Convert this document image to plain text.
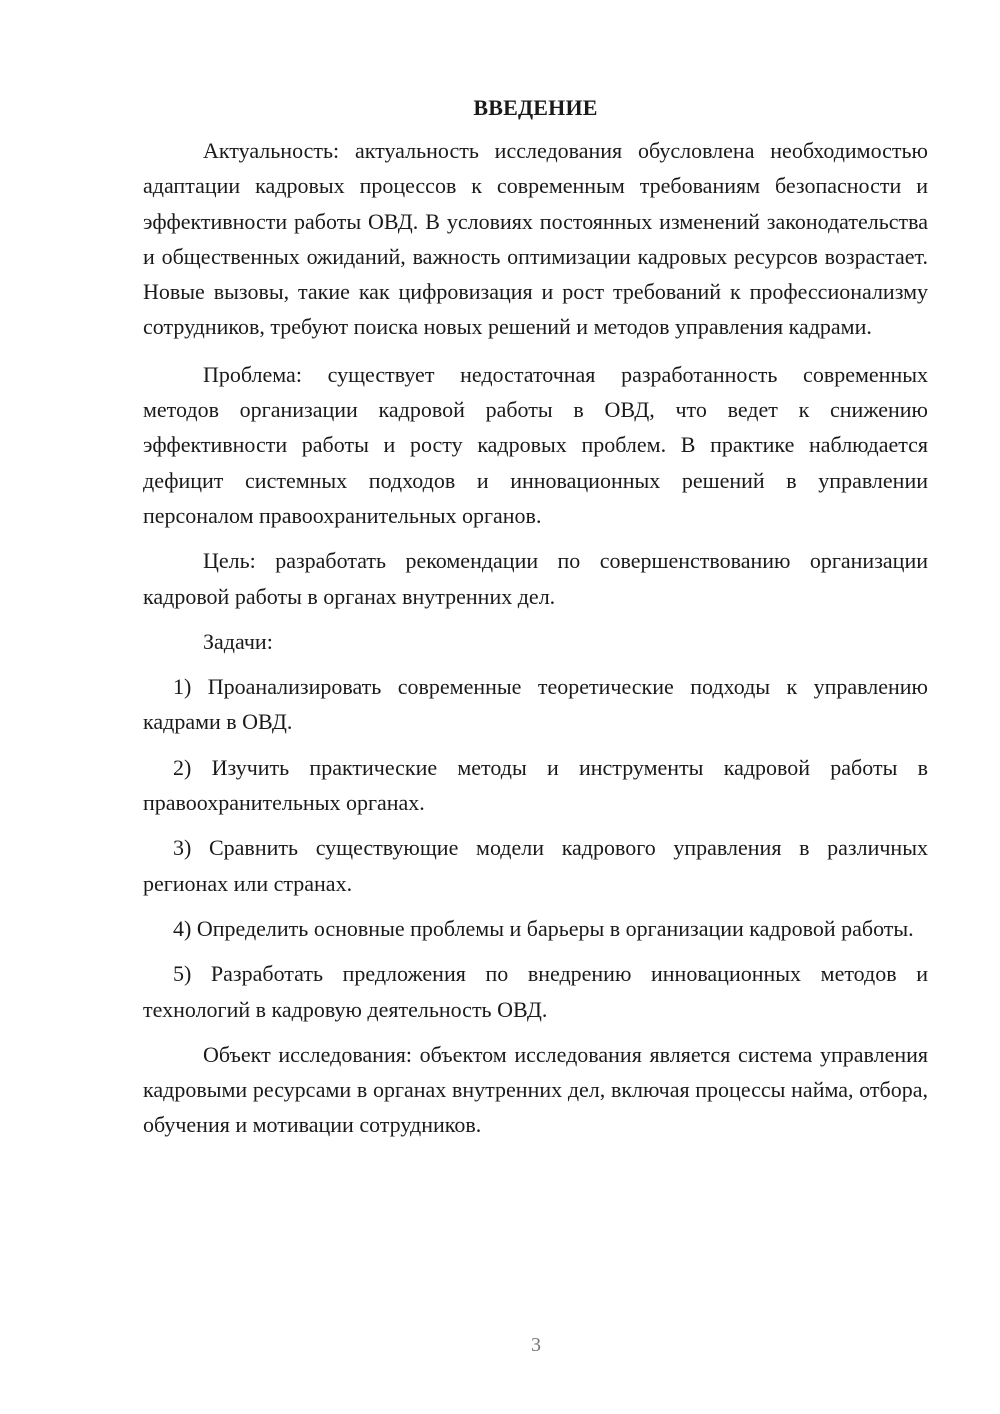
ВВЕДЕНИЕ

Актуальность: актуальность исследования обусловлена необходимостью адаптации кадровых процессов к современным требованиям безопасности и эффективности работы ОВД. В условиях постоянных изменений законодательства и общественных ожиданий, важность оптимизации кадровых ресурсов возрастает. Новые вызовы, такие как цифровизация и рост требований к профессионализму сотрудников, требуют поиска новых решений и методов управления кадрами.

Проблема: существует недостаточная разработанность современных методов организации кадровой работы в ОВД, что ведет к снижению эффективности работы и росту кадровых проблем. В практике наблюдается дефицит системных подходов и инновационных решений в управлении персоналом правоохранительных органов.

Цель: разработать рекомендации по совершенствованию организации кадровой работы в органах внутренних дел.

Задачи:

1) Проанализировать современные теоретические подходы к управлению кадрами в ОВД.

2) Изучить практические методы и инструменты кадровой работы в правоохранительных органах.

3) Сравнить существующие модели кадрового управления в различных регионах или странах.

4) Определить основные проблемы и барьеры в организации кадровой работы.

5) Разработать предложения по внедрению инновационных методов и технологий в кадровую деятельность ОВД.

Объект исследования: объектом исследования является система управления кадровыми ресурсами в органах внутренних дел, включая процессы найма, отбора, обучения и мотивации сотрудников.

3
